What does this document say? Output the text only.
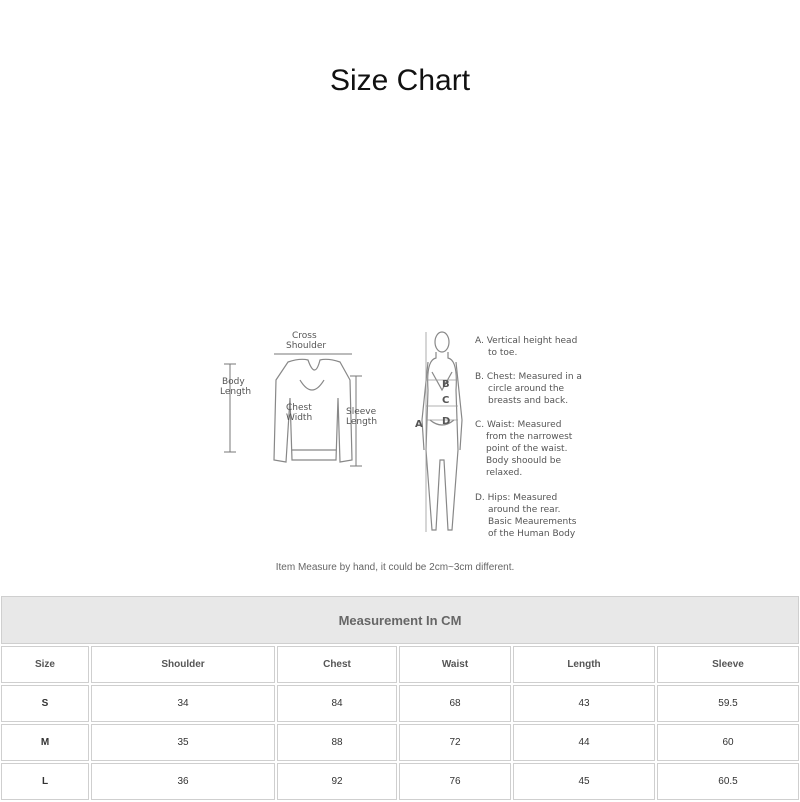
Size Chart
Cross
Shoulder
Body
Length
Chest
Width
Sleeve
Length	A
B
C
D
A. Vertical height head
to toe.
B. Chest: Measured in a
circle around the
breasts and back.
C. Waist: Measured
from the narrowest
point of the waist.
Body shoould be
relaxed.
D. Hips: Measured
around the rear.
Basic Meaurements
of the Human Body
Item Measure by hand, it could be 2cm~3cm different.
Measurement In CM					
Size	Shoulder	Chest	Waist	Length	Sleeve
S	34	84	68	43	59.5
M	35	88	72	44	60
L	36	92	76	45	60.5
